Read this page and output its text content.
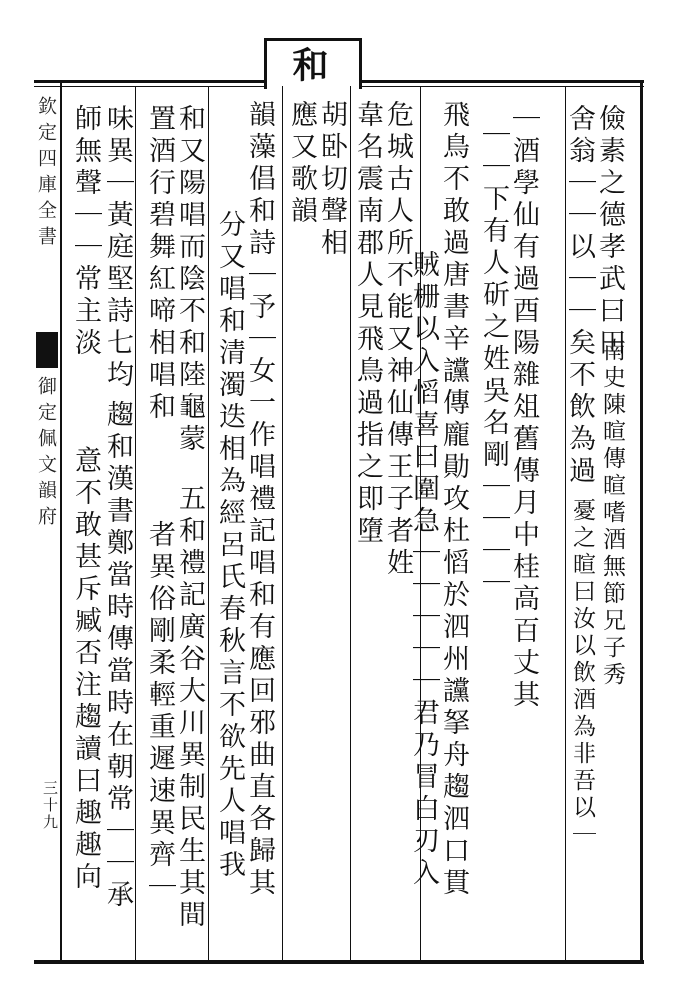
欽定四庫全書
御定佩文韻府
三十九
儉素之德孝武曰田
舍翁｜｜以｜｜矣不飲為過
南史陳暄傳暄嗜酒無節兄子秀
憂之暄曰汝以飲酒為非吾以｜
｜酒學仙有過酉陽雜俎舊傳月中桂高百丈其
｜｜下有人斫之姓吳名剛｜｜｜｜
飛鳥不敢過唐書辛讜傳龐勛攻杜慆於泗州讜拏舟趨泗口貫
賊栅以入慆喜曰圍急｜｜｜｜｜君乃冒白刃入
危城古人所不能又神仙傳王子者姓
韋名震南郡人見飛鳥過指之即墮
和
胡卧切聲相
應又歌韻
韻藻倡和詩｜予｜女一作唱禮記唱和有應回邪曲直各歸其
分又唱和清濁迭相為經呂氏春秋言不欲先人唱我
和又陽唱而陰不和陸龜蒙
置酒行碧舞紅啼相唱和
五和禮記廣谷大川異制民生其間
者異俗剛柔輕重遲速異齊｜
味異｜黃庭堅詩七均
趨和漢書鄭當時傳當時在朝常｜｜承
師無聲｜｜常主淡
意不敢甚斥臧否注趨讀曰趣趣向
